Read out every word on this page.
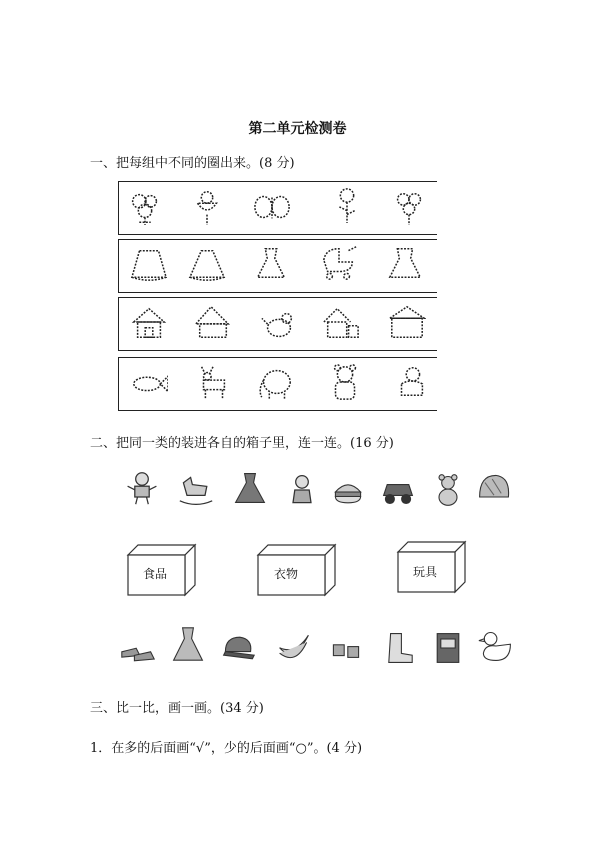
第二单元检测卷
一、把每组中不同的圈出来。(8 分)
二、把同一类的装进各自的箱子里，连一连。(16 分)
食品	衣物	玩具
三、比一比，画一画。(34 分)
1．在多的后面画“√”，少的后面画“○”。(4 分)
